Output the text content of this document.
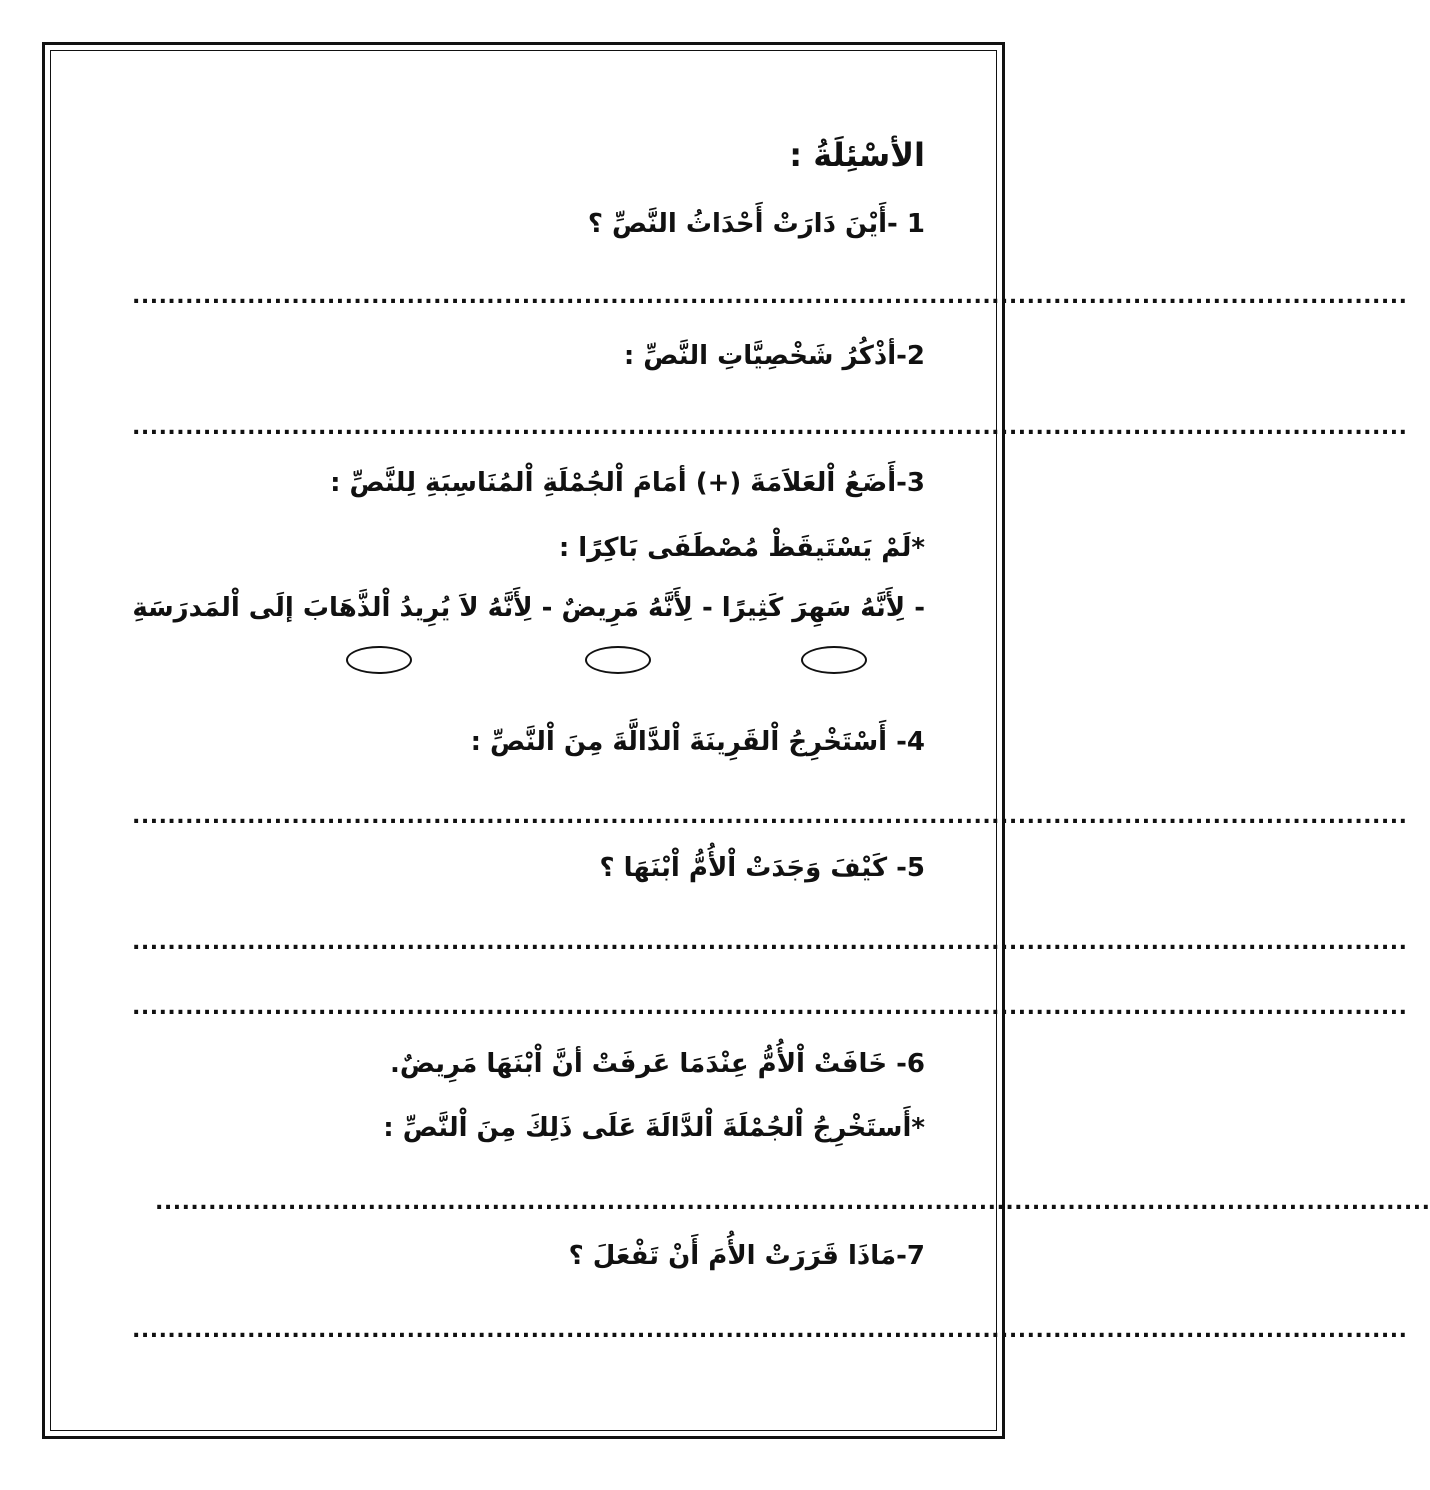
الأسْئِلَةُ :
1 -أَيْنَ دَارَتْ أَحْدَاثُ النَّصِّ ؟
................................................................................................................................................
2-أذْكُرُ شَخْصِيَّاتِ النَّصِّ :
................................................................................................................................................
3-أَضَعُ اْلعَلاَمَةَ (+) أمَامَ اْلجُمْلَةِ اْلمُنَاسِبَةِ لِلنَّصِّ :
*لَمْ يَسْتَيقَظْ مُصْطَفَى بَاكِرًا :
- لِأَنَّهُ سَهِرَ كَثِيرًا - لِأَنَّهُ مَرِيضٌ - لِأَنَّهُ لاَ يُرِيدُ اْلذَّهَابَ إلَى اْلمَدرَسَةِ
4- أَسْتَخْرِجُ اْلقَرِينَةَ اْلدَّالَّةَ مِنَ اْلنَّصِّ :
................................................................................................................................................
5- كَيْفَ وَجَدَتْ اْلأُمُّ اْبْنَهَا ؟
................................................................................................................................................
................................................................................................................................................
6- خَافَتْ اْلأُمُّ عِنْدَمَا عَرفَتْ أنَّ اْبْنَهَا مَرِيضٌ.
*أَستَخْرِجُ اْلجُمْلَةَ اْلدَّالَةَ عَلَى ذَلِكَ مِنَ اْلنَّصِّ :
................................................................................................................................................
7-مَاذَا قَرَرَتْ الأُمَ أَنْ تَفْعَلَ ؟
................................................................................................................................................
